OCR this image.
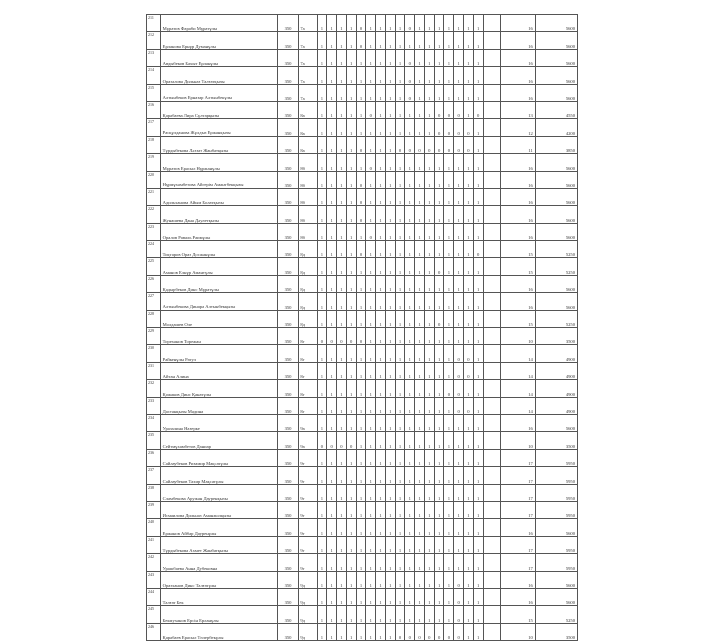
211	Мұратов Фараби Мұратұлы	350	7а	1	1	1	1	0	1	1	1	1	0	1	1	1	1	1	1	1		16	5600
212	Ерланова Ернұр Думанұлы	350	7а	1	1	1	1	0	1	1	1	1	1	1	1	1	1	1	1	1		16	5600
213	Авдыбеков Бахыт Ерланұлы	350	7а	1	1	1	1	1	1	1	1	1	0	1	1	1	1	1	1	1		16	5600
214	Оразалова Дильназ Талғатқызы	350	7а	1	1	1	1	1	1	1	1	1	0	1	1	1	1	1	1	1		16	5600
215	Алтынбеков Ерназар Алтынбекұлы	350	7а	1	1	1	1	1	1	1	1	1	0	1	1	1	1	1	1	1		16	5600
216	Қарабаева Лира Сұлтарқызы	350	8а	1	1	1	1	1	0	1	1	1	1	1	1	0	0	0	1	0		13	4550
217	Расқұлданова Жұлдыз Ержанқызы	350	8а	1	1	1	1	1	1	1	1	1	1	1	1	0	0	0	0	1		12	4200
218	Тұрдыбекова Ләззат Жанбатқызы	350	8а	1	1	1	1	0	1	1	1	0	0	0	0	0	0	0	0	1		11	3850
219	Мұратов Ерасыл Нұржанұлы	350	8б	1	1	1	1	1	0	1	1	1	1	1	1	1	1	1	1	1		16	5600
220	Нұрмұхамбетова Айгерім Амантбекқызы	350	8б	1	1	1	1	0	1	1	1	1	1	1	1	1	1	1	1	1		16	5600
221	Адильханова Айым Болатқызы	350	8б	1	1	1	1	0	1	1	1	1	1	1	1	1	1	1	1	1		16	5600
222	Жунашева Дана Дәулетқызы	350	8б	1	1	1	1	0	1	1	1	1	1	1	1	1	1	1	1	1		16	5600
223	Оралов Раваль Раимұлы	350	8б	1	1	1	1	1	0	1	1	1	1	1	1	1	1	1	1	1		16	5600
224	Тоқтаров Ораз Досжанұлы	350	8д	1	1	1	1	0	1	1	1	1	1	1	1	1	1	1	1	0		15	5250
225	Аманов Елнұр Амантұлы	350	8д	1	1	1	1	1	1	1	1	1	1	1	1	0	1	1	1	1		15	5250
226	Қадырбеков Динс Мұратұлы	350	8д	1	1	1	1	1	1	1	1	1	1	1	1	1	1	1	1	1		16	5600
227	Алтынбекова Динара Алтынбекқызы	350	8д	1	1	1	1	1	1	1	1	1	1	1	1	1	1	1	1	1		16	5600
228	Молдашев Оле	350	8д	1	1	1	1	1	1	1	1	1	1	1	1	0	1	1	1	1		15	5250
229	Тореханов Торежан	350	8г	0	0	0	0	0	1	1	1	1	1	1	1	1	1	1	1	1		10	3500
230	Райкенұлы Ратул	350	8г	1	1	1	1	1	1	1	1	1	1	1	1	1	1	0	0	1		14	4900
231	Айтан Алина	350	8г	1	1	1	1	1	1	1	1	1	1	1	1	1	1	0	0	1		14	4900
232	Қожаков Динс Қанатұлы	350	8г	1	1	1	1	1	1	1	1	1	1	1	1	1	0	0	1	1		14	4900
233	Дастанқызы Мадина	350	8г	1	1	1	1	1	1	1	1	1	1	1	1	1	1	0	0	1		14	4900
234	Уразалина Назерке	350	9а	1	1	1	1	1	1	1	1	1	1	1	1	1	1	1	1	1		16	5600
235	Сейтмұхамбетов Даниар	350	9а	0	0	0	0	1	1	1	1	1	1	1	1	1	1	1	1	1		10	3500
236	Сайлаубеков Ризамир Мақсатұлы	350	9г	1	1	1	1	1	1	1	1	1	1	1	1	1	1	1	1	1		17	5950
237	Сайлаубеков Тахир Мақсатұлы	350	9г	1	1	1	1	1	1	1	1	1	1	1	1	1	1	1	1	1		17	5950
238	Сламбекова Аружан Дауренқызы	350	9г	1	1	1	1	1	1	1	1	1	1	1	1	1	1	1	1	1		17	5950
239	Исмаилова Дильназ Аманжолқызы	350	9г	1	1	1	1	1	1	1	1	1	1	1	1	1	1	1	1	1		17	5950
240	Ержанов Айбар Дауренұлы	350	9г	1	1	1	1	1	1	1	1	1	1	1	1	1	1	1	1	1		16	5600
241	Тұрдыбекова Ахмет Жанбатқызы	350	9г	1	1	1	1	1	1	1	1	1	1	1	1	1	1	1	1	1		17	5950
242	Урашбаева Анна Дубековна	350	9г	1	1	1	1	1	1	1	1	1	1	1	1	1	1	1	1	1		17	5950
243	Оразханов Динс Талғатұлы	350	9д	1	1	1	1	1	1	1	1	1	1	1	1	1	1	0	1	1		16	5600
244	Талғат Бек	350	9д	1	1	1	1	1	1	1	1	1	1	1	1	1	1	0	1	1		16	5600
245	Бекмуханов Ерсін Ерланұлы	350	9д	1	1	1	1	1	1	1	1	1	1	1	1	1	1	0	1	1		15	5250
246	Қарабаев Ерасыл Төлербекұлы	350	9д	1	1	1	1	1	1	1	1	0	0	0	0	0	0	0	1	1		10	3500
